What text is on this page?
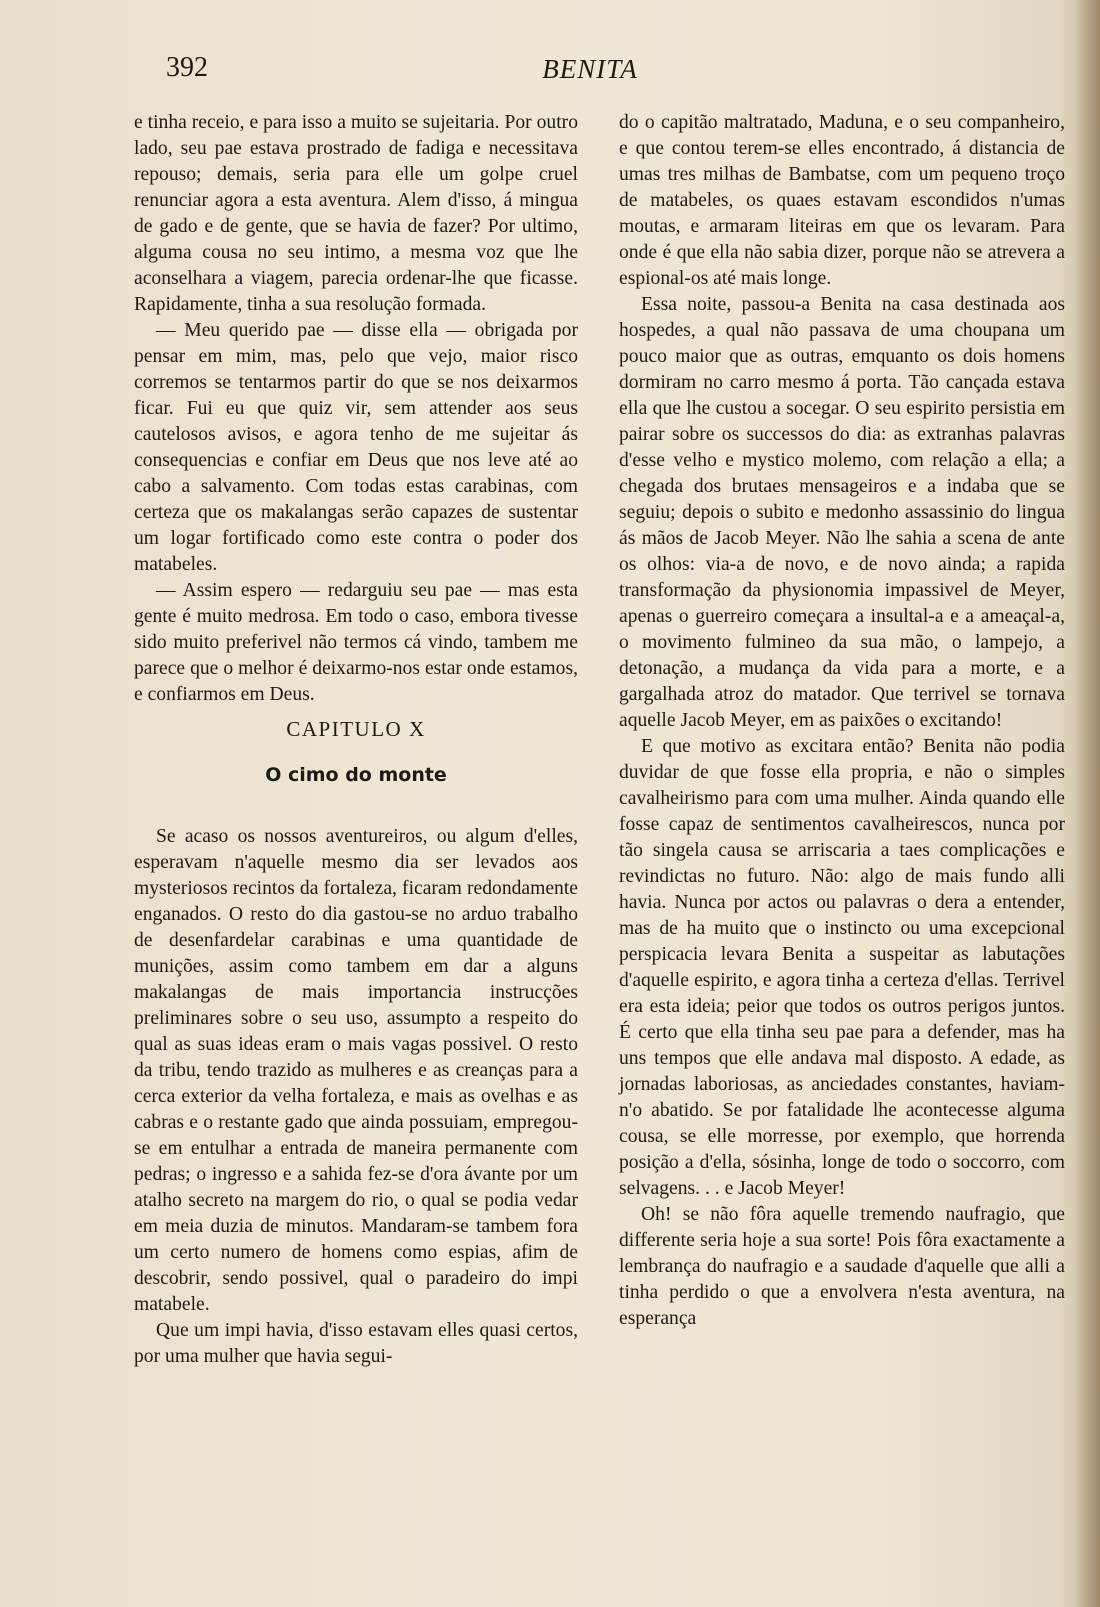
392	BENITA

e tinha receio, e para isso a muito se sujeitaria. Por outro lado, seu pae estava prostrado de fadiga e necessitava repouso; demais, seria para elle um golpe cruel renunciar agora a esta aventura. Alem d'isso, á mingua de gado e de gente, que se havia de fazer? Por ultimo, alguma cousa no seu intimo, a mesma voz que lhe aconselhara a viagem, parecia ordenar-lhe que ficasse. Rapidamente, tinha a sua resolução formada.

— Meu querido pae — disse ella — obrigada por pensar em mim, mas, pelo que vejo, maior risco corremos se tentarmos partir do que se nos deixarmos ficar. Fui eu que quiz vir, sem attender aos seus cautelosos avisos, e agora tenho de me sujeitar ás consequencias e confiar em Deus que nos leve até ao cabo a salvamento. Com todas estas carabinas, com certeza que os makalangas serão capazes de sustentar um logar fortificado como este contra o poder dos matabeles.

— Assim espero — redarguiu seu pae — mas esta gente é muito medrosa. Em todo o caso, embora tivesse sido muito preferivel não termos cá vindo, tambem me parece que o melhor é deixarmo-nos estar onde estamos, e confiarmos em Deus.

CAPITULO X
O cimo do monte

Se acaso os nossos aventureiros, ou algum d'elles, esperavam n'aquelle mesmo dia ser levados aos mysteriosos recintos da fortaleza, ficaram redondamente enganados. O resto do dia gastou-se no arduo trabalho de desenfardelar carabinas e uma quantidade de munições, assim como tambem em dar a alguns makalangas de mais importancia instrucções preliminares sobre o seu uso, assumpto a respeito do qual as suas ideas eram o mais vagas possivel. O resto da tribu, tendo trazido as mulheres e as creanças para a cerca exterior da velha fortaleza, e mais as ovelhas e as cabras e o restante gado que ainda possuiam, empregou-se em entulhar a entrada de maneira permanente com pedras; o ingresso e a sahida fez-se d'ora ávante por um atalho secreto na margem do rio, o qual se podia vedar em meia duzia de minutos. Mandaram-se tambem fora um certo numero de homens como espias, afim de descobrir, sendo possivel, qual o paradeiro do impi matabele.

Que um impi havia, d'isso estavam elles quasi certos, por uma mulher que havia segui-

do o capitão maltratado, Maduna, e o seu companheiro, e que contou terem-se elles encontrado, á distancia de umas tres milhas de Bambatse, com um pequeno troço de matabeles, os quaes estavam escondidos n'umas moutas, e armaram liteiras em que os levaram. Para onde é que ella não sabia dizer, porque não se atrevera a espional-os até mais longe.

Essa noite, passou-a Benita na casa destinada aos hospedes, a qual não passava de uma choupana um pouco maior que as outras, emquanto os dois homens dormiram no carro mesmo á porta. Tão cançada estava ella que lhe custou a socegar. O seu espirito persistia em pairar sobre os successos do dia: as extranhas palavras d'esse velho e mystico molemo, com relação a ella; a chegada dos brutaes mensageiros e a indaba que se seguiu; depois o subito e medonho assassinio do lingua ás mãos de Jacob Meyer. Não lhe sahia a scena de ante os olhos: via-a de novo, e de novo ainda; a rapida transformação da physionomia impassivel de Meyer, apenas o guerreiro começara a insultal-a e a ameaçal-a, o movimento fulmineo da sua mão, o lampejo, a detonação, a mudança da vida para a morte, e a gargalhada atroz do matador. Que terrivel se tornava aquelle Jacob Meyer, em as paixões o excitando!

E que motivo as excitara então? Benita não podia duvidar de que fosse ella propria, e não o simples cavalheirismo para com uma mulher. Ainda quando elle fosse capaz de sentimentos cavalheirescos, nunca por tão singela causa se arriscaria a taes complicações e revindictas no futuro. Não: algo de mais fundo alli havia. Nunca por actos ou palavras o dera a entender, mas de ha muito que o instincto ou uma excepcional perspicacia levara Benita a suspeitar as labutações d'aquelle espirito, e agora tinha a certeza d'ellas. Terrivel era esta ideia; peior que todos os outros perigos juntos. É certo que ella tinha seu pae para a defender, mas ha uns tempos que elle andava mal disposto. A edade, as jornadas laboriosas, as anciedades constantes, haviam-n'o abatido. Se por fatalidade lhe acontecesse alguma cousa, se elle morresse, por exemplo, que horrenda posição a d'ella, sósinha, longe de todo o soccorro, com selvagens. . . e Jacob Meyer!

Oh! se não fôra aquelle tremendo naufragio, que differente seria hoje a sua sorte! Pois fôra exactamente a lembrança do naufragio e a saudade d'aquelle que alli a tinha perdido o que a envolvera n'esta aventura, na esperança
